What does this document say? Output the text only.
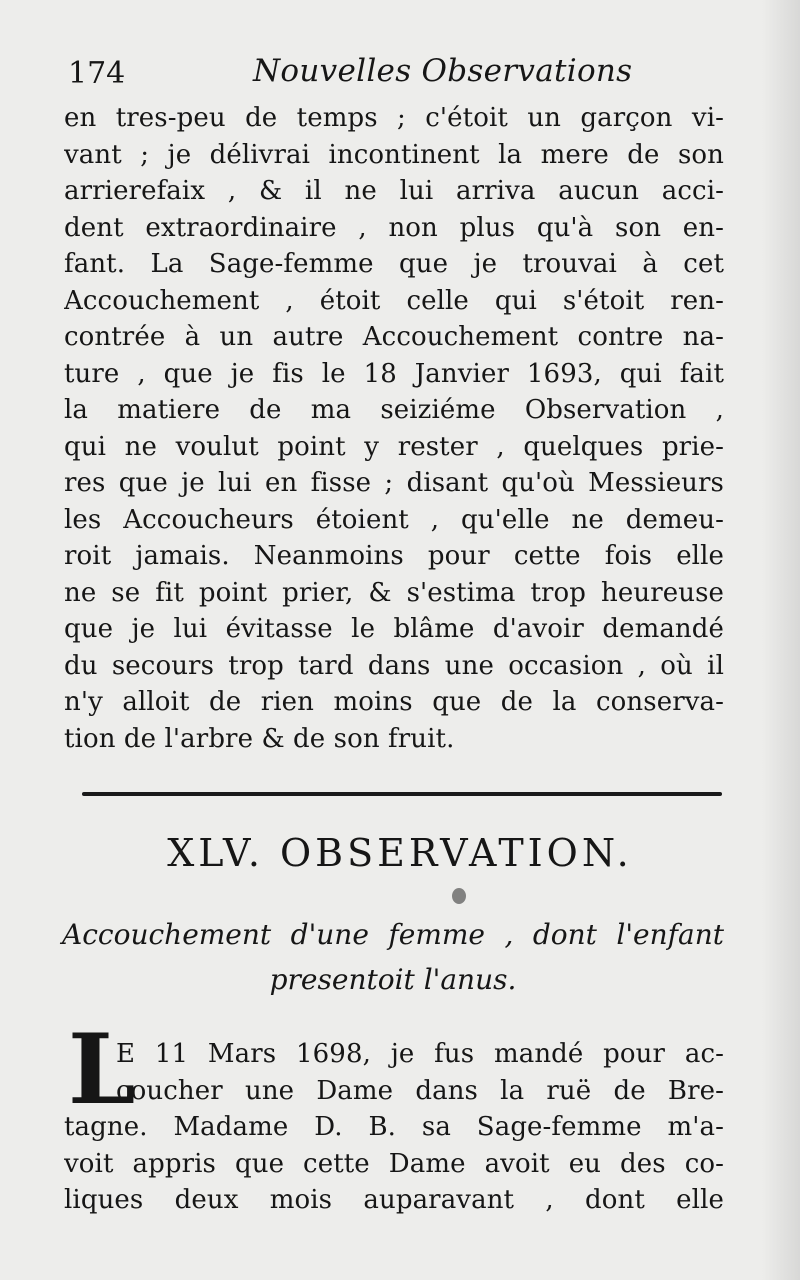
174	Nouvelles Observations
en tres-peu de temps ; c'étoit un garçon vi-
vant ; je délivrai incontinent la mere de son
arrierefaix , & il ne lui arriva aucun acci-
dent extraordinaire , non plus qu'à son en-
fant. La Sage-femme que je trouvai à cet
Accouchement , étoit celle qui s'étoit ren-
contrée à un autre Accouchement contre na-
ture , que je fis le 18 Janvier 1693, qui fait
la matiere de ma seiziéme Observation ,
qui ne voulut point y rester , quelques prie-
res que je lui en fisse ; disant qu'où Messieurs
les Accoucheurs étoient , qu'elle ne demeu-
roit jamais. Neanmoins pour cette fois elle
ne se fit point prier, & s'estima trop heureuse
que je lui évitasse le blâme d'avoir demandé
du secours trop tard dans une occasion , où il
n'y alloit de rien moins que de la conserva-
tion de l'arbre & de son fruit.
XLV. OBSERVATION.
Accouchement d'une femme , dont l'enfant
presentoit l'anus.
L
E 11 Mars 1698, je fus mandé pour ac-
coucher une Dame dans la ruë de Bre-
tagne. Madame D. B. sa Sage-femme m'a-
voit appris que cette Dame avoit eu des co-
liques deux mois auparavant , dont elle
